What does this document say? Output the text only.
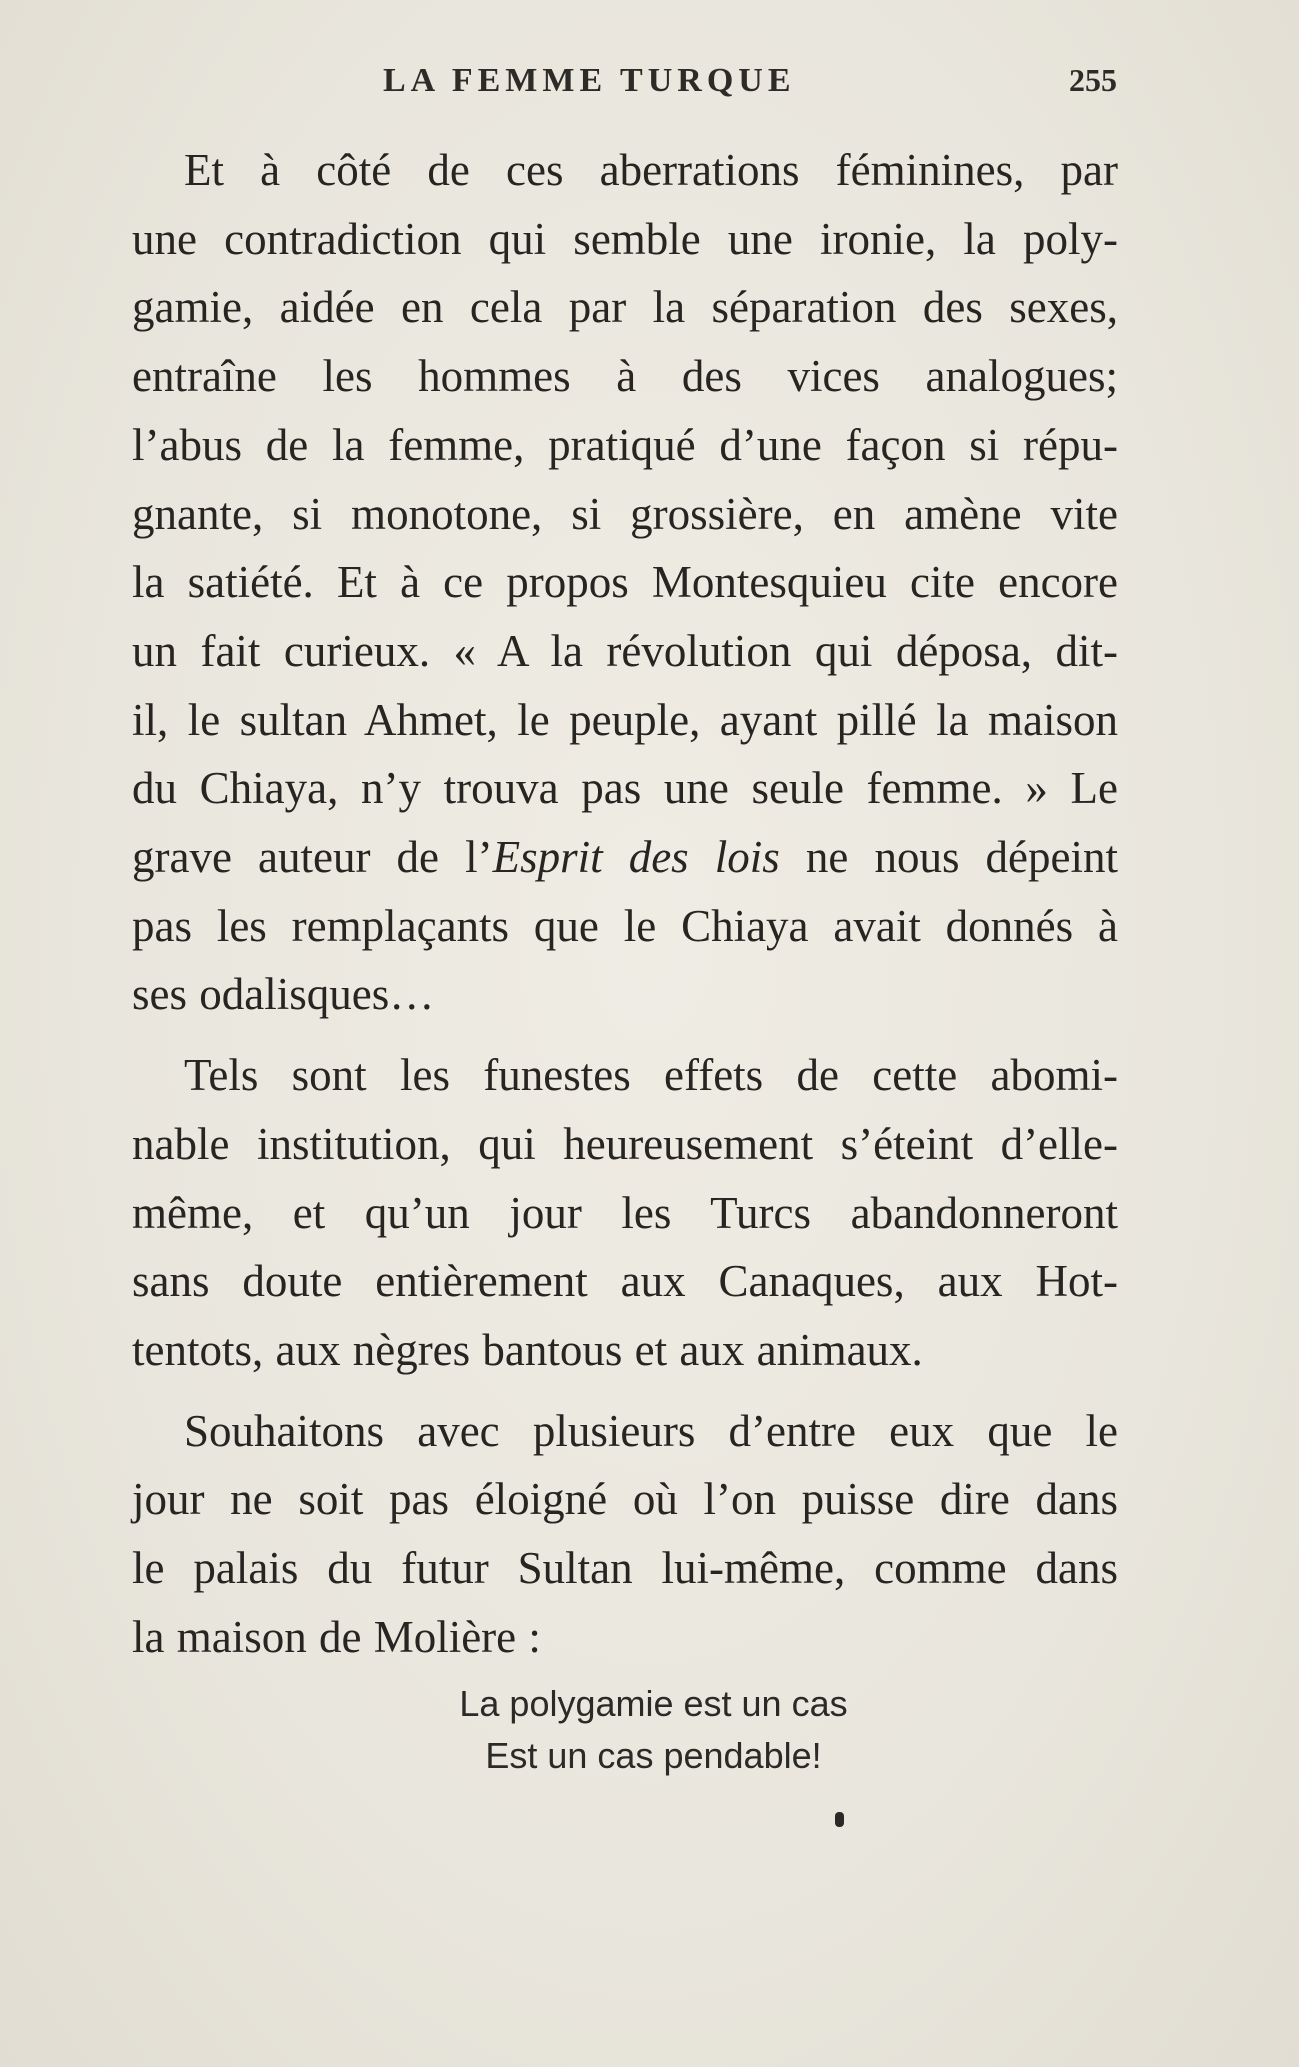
LA FEMME TURQUE	255

Et à côté de ces aberrations féminines, par
une contradiction qui semble une ironie, la poly-
gamie, aidée en cela par la séparation des sexes,
entraîne les hommes à des vices analogues;
l’abus de la femme, pratiqué d’une façon si répu-
gnante, si monotone, si grossière, en amène vite
la satiété. Et à ce propos Montesquieu cite encore
un fait curieux. « A la révolution qui déposa, dit-
il, le sultan Ahmet, le peuple, ayant pillé la maison
du Chiaya, n’y trouva pas une seule femme. » Le
grave auteur de l’Esprit des lois ne nous dépeint
pas les remplaçants que le Chiaya avait donnés à
ses odalisques…

Tels sont les funestes effets de cette abomi-
nable institution, qui heureusement s’éteint d’elle-
même, et qu’un jour les Turcs abandonneront
sans doute entièrement aux Canaques, aux Hot-
tentots, aux nègres bantous et aux animaux.

Souhaitons avec plusieurs d’entre eux que le
jour ne soit pas éloigné où l’on puisse dire dans
le palais du futur Sultan lui-même, comme dans
la maison de Molière :

La polygamie est un cas
Est un cas pendable!
